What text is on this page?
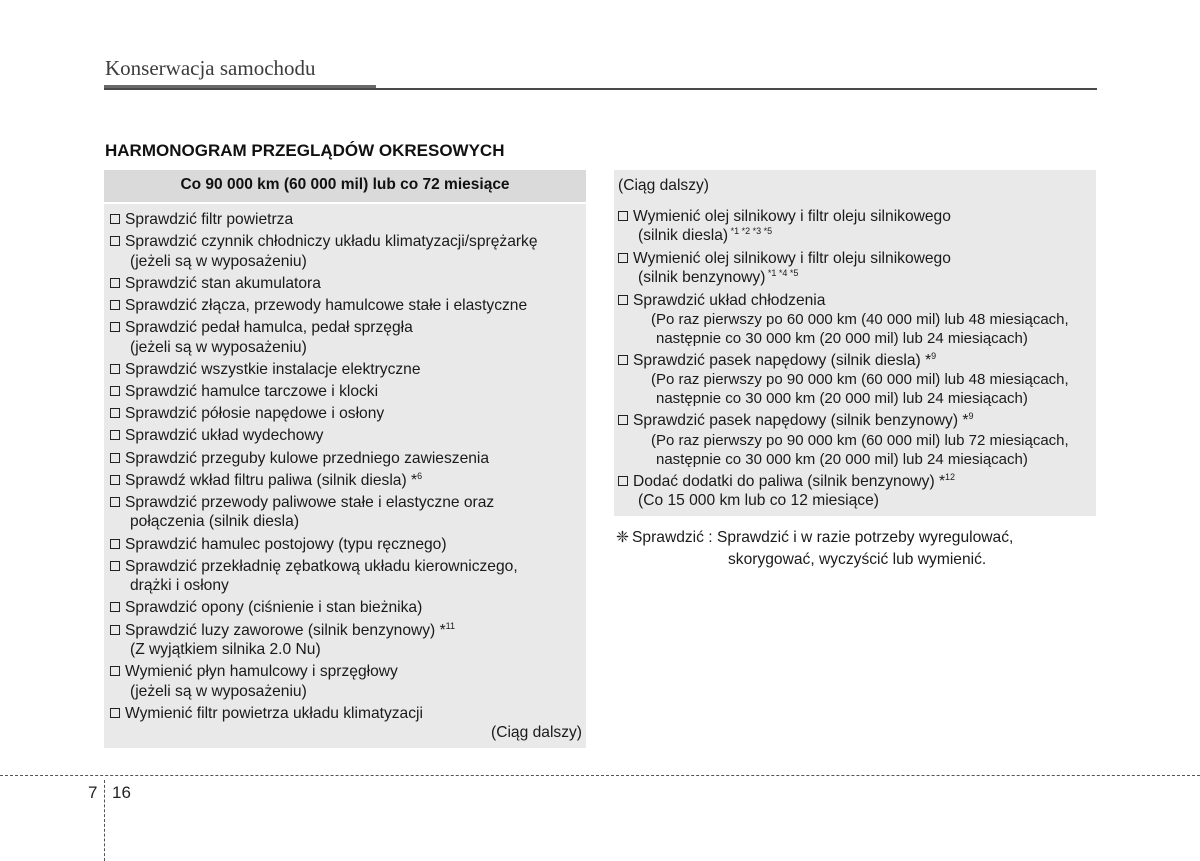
Konserwacja samochodu
HARMONOGRAM PRZEGLĄDÓW OKRESOWYCH
Co 90 000 km (60 000 mil) lub co 72 miesiące
Sprawdzić filtr powietrza
Sprawdzić czynnik chłodniczy układu klimatyzacji/sprężarkę
(jeżeli są w wyposażeniu)
Sprawdzić stan akumulatora
Sprawdzić złącza, przewody hamulcowe stałe i elastyczne
Sprawdzić pedał hamulca, pedał sprzęgła
(jeżeli są w wyposażeniu)
Sprawdzić wszystkie instalacje elektryczne
Sprawdzić hamulce tarczowe i klocki
Sprawdzić półosie napędowe i osłony
Sprawdzić układ wydechowy
Sprawdzić przeguby kulowe przedniego zawieszenia
Sprawdź wkład filtru paliwa (silnik diesla) *$^6$
Sprawdzić przewody paliwowe stałe i elastyczne oraz
połączenia (silnik diesla)
Sprawdzić hamulec postojowy (typu ręcznego)
Sprawdzić przekładnię zębatkową układu kierowniczego,
drążki i osłony
Sprawdzić opony (ciśnienie i stan bieżnika)
Sprawdzić luzy zaworowe (silnik benzynowy) *$^{11}$
(Z wyjątkiem silnika 2.0 Nu)
Wymienić płyn hamulcowy i sprzęgłowy
(jeżeli są w wyposażeniu)
Wymienić filtr powietrza układu klimatyzacji
(Ciąg dalszy)
(Ciąg dalszy)
Wymienić olej silnikowy i filtr oleju silnikowego
(silnik diesla) $^{*1 *2 *3 *5}$
Wymienić olej silnikowy i filtr oleju silnikowego
(silnik benzynowy) $^{*1 *4 *5}$
Sprawdzić układ chłodzenia
(Po raz pierwszy po 60 000 km (40 000 mil) lub 48 miesiącach,
następnie co 30 000 km (20 000 mil) lub 24 miesiącach)
Sprawdzić pasek napędowy (silnik diesla) *$^9$
(Po raz pierwszy po 90 000 km (60 000 mil) lub 48 miesiącach,
następnie co 30 000 km (20 000 mil) lub 24 miesiącach)
Sprawdzić pasek napędowy (silnik benzynowy) *$^9$
(Po raz pierwszy po 90 000 km (60 000 mil) lub 72 miesiącach,
następnie co 30 000 km (20 000 mil) lub 24 miesiącach)
Dodać dodatki do paliwa (silnik benzynowy) *$^{12}$
(Co 15 000 km lub co 12 miesiące)
❈ Sprawdzić : Sprawdzić i w razie potrzeby wyregulować,
skorygować, wyczyścić lub wymienić.
7 16
